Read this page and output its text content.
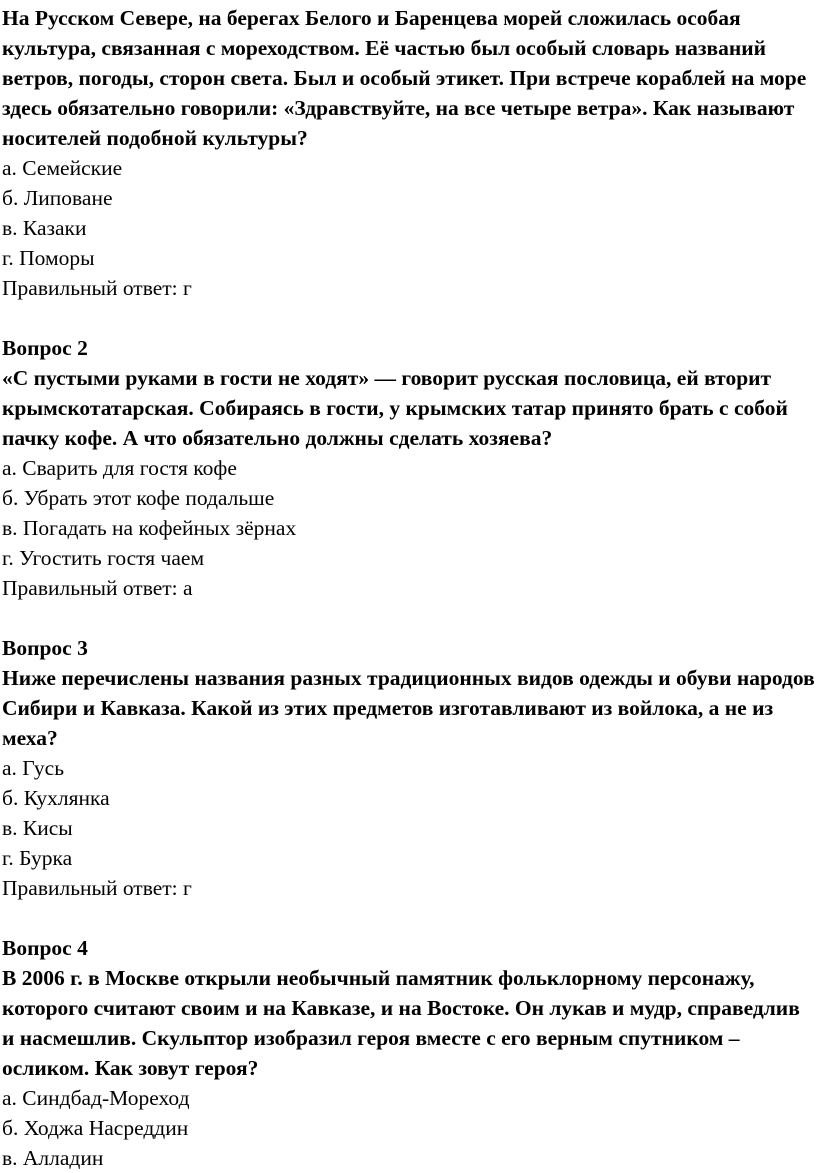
На Русском Севере, на берегах Белого и Баренцева морей сложилась особая культура, связанная с мореходством. Её частью был особый словарь названий ветров, погоды, сторон света. Был и особый этикет. При встрече кораблей на море здесь обязательно говорили: «Здравствуйте, на все четыре ветра». Как называют носителей подобной культуры?

а. Семейские

б. Липоване

в. Казаки

г. Поморы

Правильный ответ: г

Вопрос 2

«С пустыми руками в гости не ходят» — говорит русская пословица, ей вторит крымскотатарская. Собираясь в гости, у крымских татар принято брать с собой пачку кофе. А что обязательно должны сделать хозяева?

а. Сварить для гостя кофе

б. Убрать этот кофе подальше

в. Погадать на кофейных зёрнах

г. Угостить гостя чаем

Правильный ответ: а

Вопрос 3

Ниже перечислены названия разных традиционных видов одежды и обуви народов Сибири и Кавказа. Какой из этих предметов изготавливают из войлока, а не из меха?

а. Гусь

б. Кухлянка

в. Кисы

г. Бурка

Правильный ответ: г

Вопрос 4

В 2006 г. в Москве открыли необычный памятник фольклорному персонажу, которого считают своим и на Кавказе, и на Востоке. Он лукав и мудр, справедлив и насмешлив. Скульптор изобразил героя вместе с его верным спутником – осликом. Как зовут героя?

а. Синдбад-Мореход

б. Ходжа Насреддин

в. Алладин
